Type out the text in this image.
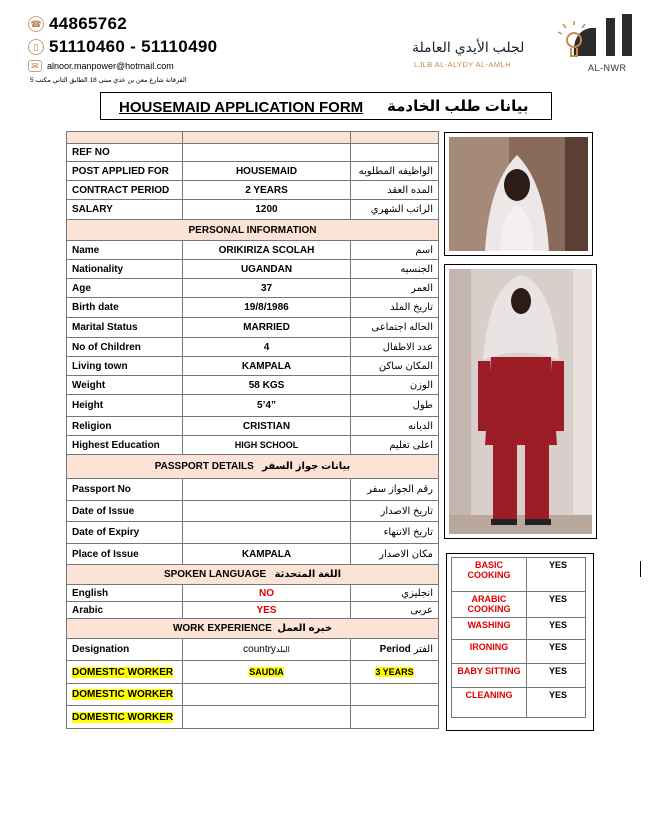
☎ 44865762
▯ 51110460 - 51110490
✉ alnoor.manpower@hotmail.com
الفرقانة شارع معن بن عدي مبنى 18 الطابق الثاني مكتب 5
لجلب الأيدي العاملة
LJLB AL-ALYDY AL-AMLH	AL-NWR
HOUSEMAID APPLICATION FORM بيانات طلب الخادمة

REF NO		
POST APPLIED FOR	HOUSEMAID	الواظيفه المطلوبه
CONTRACT PERIOD	2 YEARS	المده العقد
SALARY	1200	الراتب الشهري
PERSONAL INFORMATION		
Name	ORIKIRIZA SCOLAH	اسم
Nationality	UGANDAN	الجنسيه
Age	37	العمر
Birth date	19/8/1986	تاريخ الملد
Marital Status	MARRIED	الحاله اجتماعى
No of Children	4	عدد الاطفال
Living town	KAMPALA	المكان ساكن
Weight	58 KGS	الوزن
Height	5’4”	طول
Religion	CRISTIAN	الديانه
Highest Education	HIGH SCHOOL	اعلى تعليم
PASSPORT DETAILS بيانات جواز السفر		
Passport No		رقم الجواز سفر
Date of Issue		تاريخ الاصدار
Date of Expiry		تاريخ الانتهاء
Place of Issue	KAMPALA	مكان الاصدار
SPOKEN LANGUAGE اللغة المتحدثة		
English	NO	انجليزي
Arabic	YES	عربى
WORK EXPERIENCE خبره العمل		
Designation	countryالبلد	Period الفتر
DOMESTIC WORKER	SAUDIA	3 YEARS
DOMESTIC WORKER		
DOMESTIC WORKER		
BASIC COOKING	YES
ARABIC COOKING	YES
WASHING	YES
IRONING	YES
BABY SITTING	YES
CLEANING	YES
